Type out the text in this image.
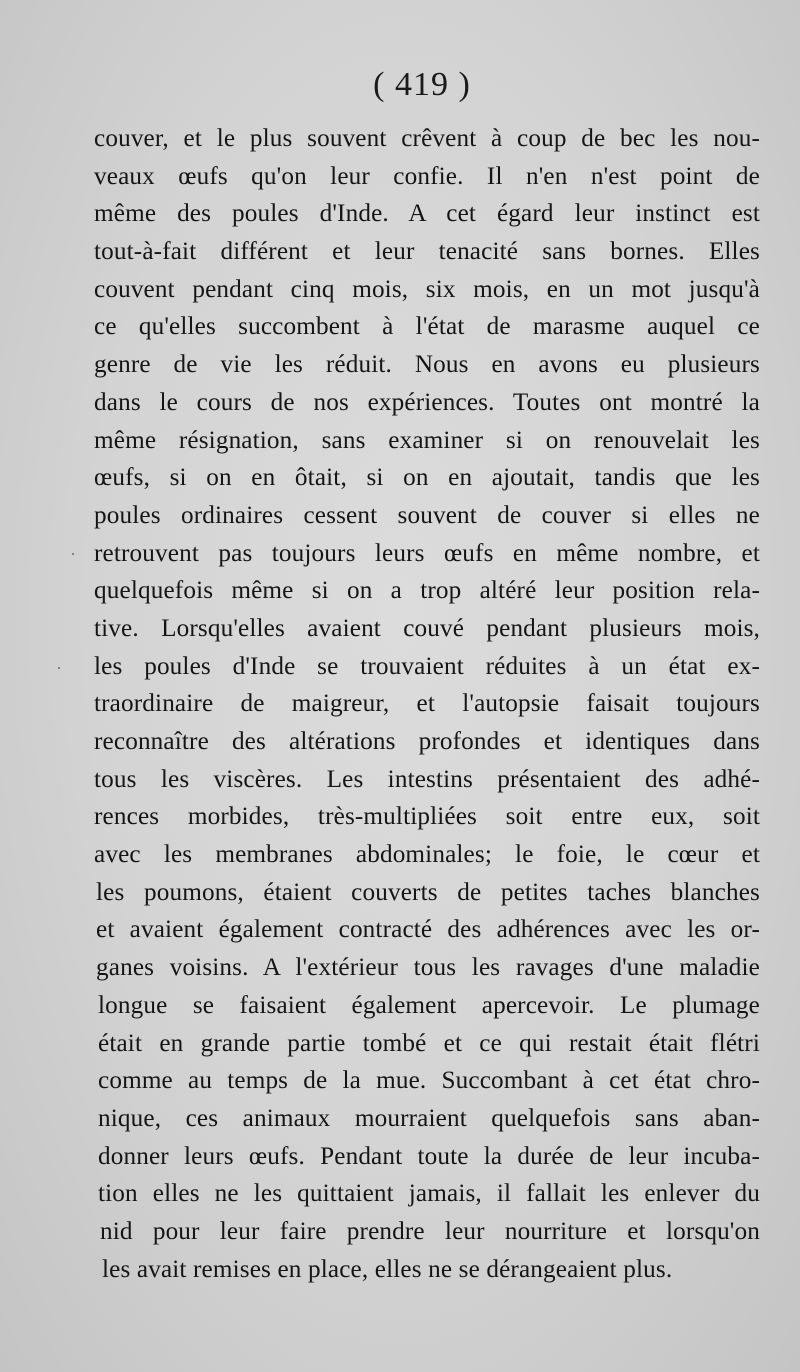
( 419 )
couver, et le plus souvent crêvent à coup de bec les nou-
veaux œufs qu'on leur confie. Il n'en n'est point de
même des poules d'Inde. A cet égard leur instinct est
tout-à-fait différent et leur tenacité sans bornes. Elles
couvent pendant cinq mois, six mois, en un mot jusqu'à
ce qu'elles succombent à l'état de marasme auquel ce
genre de vie les réduit. Nous en avons eu plusieurs
dans le cours de nos expériences. Toutes ont montré la
même résignation, sans examiner si on renouvelait les
œufs, si on en ôtait, si on en ajoutait, tandis que les
poules ordinaires cessent souvent de couver si elles ne
retrouvent pas toujours leurs œufs en même nombre, et
quelquefois même si on a trop altéré leur position rela-
tive. Lorsqu'elles avaient couvé pendant plusieurs mois,
les poules d'Inde se trouvaient réduites à un état ex-
traordinaire de maigreur, et l'autopsie faisait toujours
reconnaître des altérations profondes et identiques dans
tous les viscères. Les intestins présentaient des adhé-
rences morbides, très-multipliées soit entre eux, soit
avec les membranes abdominales; le foie, le cœur et
les poumons, étaient couverts de petites taches blanches
et avaient également contracté des adhérences avec les or-
ganes voisins. A l'extérieur tous les ravages d'une maladie
longue se faisaient également apercevoir. Le plumage
était en grande partie tombé et ce qui restait était flétri
comme au temps de la mue. Succombant à cet état chro-
nique, ces animaux mourraient quelquefois sans aban-
donner leurs œufs. Pendant toute la durée de leur incuba-
tion elles ne les quittaient jamais, il fallait les enlever du
nid pour leur faire prendre leur nourriture et lorsqu'on
les avait remises en place, elles ne se dérangeaient plus.
·
·
